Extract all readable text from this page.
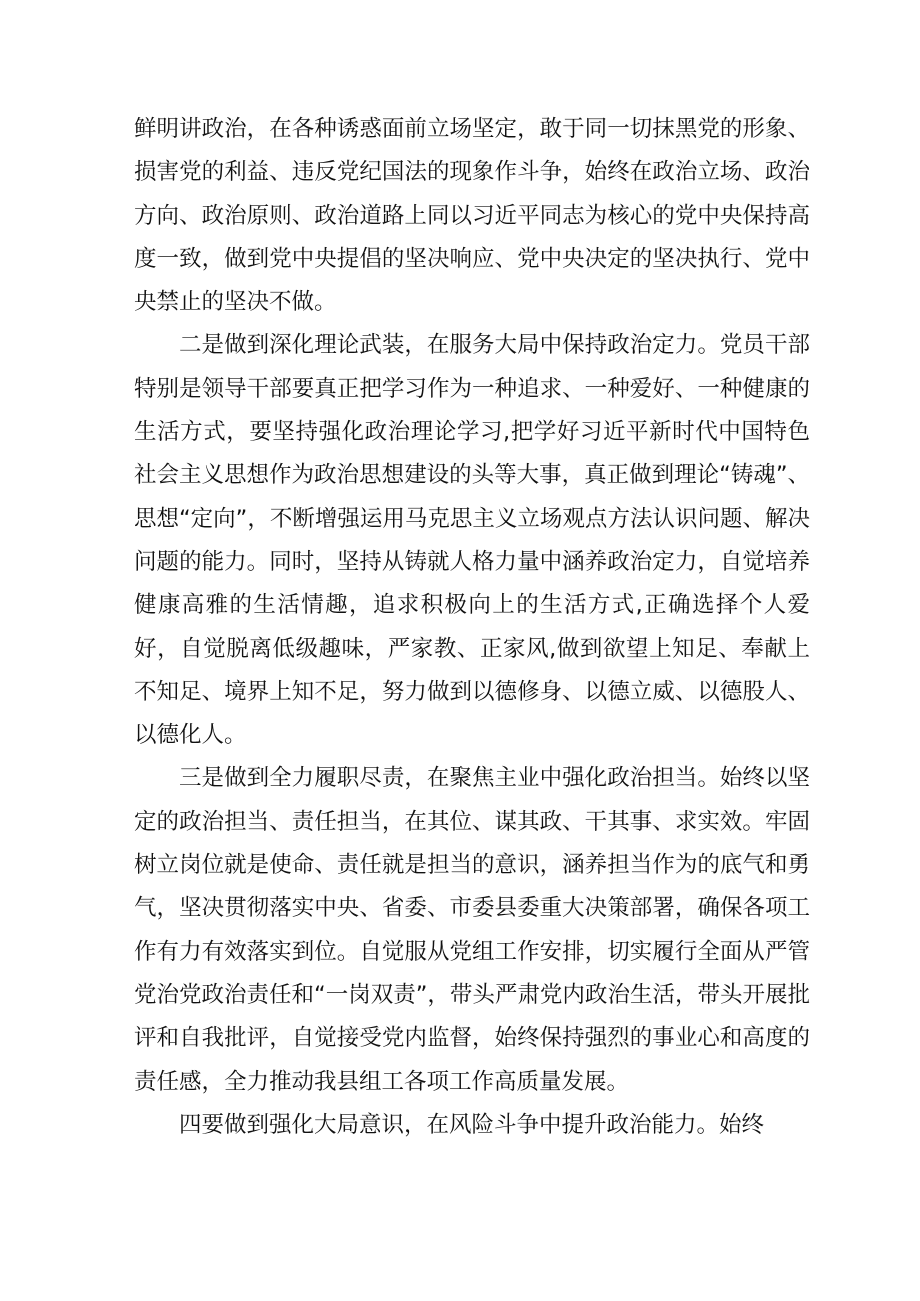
鲜明讲政治，在各种诱惑面前立场坚定，敢于同一切抹黑党的形象、损害党的利益、违反党纪国法的现象作斗争，始终在政治立场、政治方向、政治原则、政治道路上同以习近平同志为核心的党中央保持高度一致，做到党中央提倡的坚决响应、党中央决定的坚决执行、党中央禁止的坚决不做。

二是做到深化理论武装，在服务大局中保持政治定力。党员干部特别是领导干部要真正把学习作为一种追求、一种爱好、一种健康的生活方式，要坚持强化政治理论学习,把学好习近平新时代中国特色社会主义思想作为政治思想建设的头等大事，真正做到理论“铸魂”、思想“定向”，不断增强运用马克思主义立场观点方法认识问题、解决问题的能力。同时，坚持从铸就人格力量中涵养政治定力，自觉培养健康高雅的生活情趣，追求积极向上的生活方式,正确选择个人爱好，自觉脱离低级趣味，严家教、正家风,做到欲望上知足、奉献上不知足、境界上知不足，努力做到以德修身、以德立威、以德股人、以德化人。

三是做到全力履职尽责，在聚焦主业中强化政治担当。始终以坚定的政治担当、责任担当，在其位、谋其政、干其事、求实效。牢固树立岗位就是使命、责任就是担当的意识，涵养担当作为的底气和勇气，坚决贯彻落实中央、省委、市委县委重大决策部署，确保各项工作有力有效落实到位。自觉服从党组工作安排，切实履行全面从严管党治党政治责任和“一岗双责”，带头严肃党内政治生活，带头开展批评和自我批评，自觉接受党内监督，始终保持强烈的事业心和高度的责任感，全力推动我县组工各项工作高质量发展。

四要做到强化大局意识，在风险斗争中提升政治能力。始终
